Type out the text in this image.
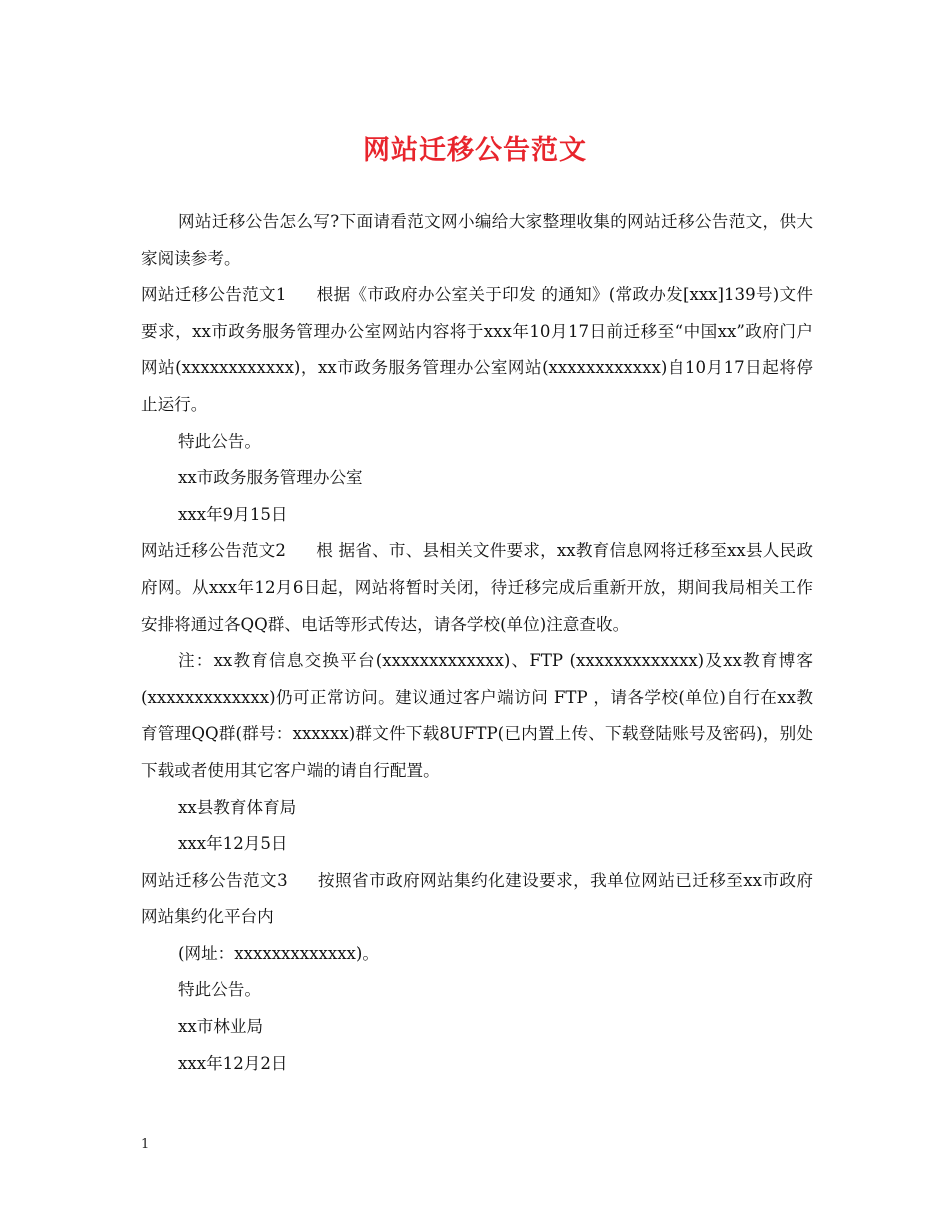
网站迁移公告范文

网站迁移公告怎么写?下面请看范文网小编给大家整理收集的网站迁移公告范文，供大家阅读参考。

网站迁移公告范文1 根据《市政府办公室关于印发 的通知》(常政办发[xxx]139号)文件要求，xx市政务服务管理办公室网站内容将于xxx年10月17日前迁移至“中国xx”政府门户网站(xxxxxxxxxxxx)，xx市政务服务管理办公室网站(xxxxxxxxxxxx)自10月17日起将停止运行。

特此公告。

xx市政务服务管理办公室

xxx年9月15日

网站迁移公告范文2 根 据省、市、县相关文件要求，xx教育信息网将迁移至xx县人民政府网。从xxx年12月6日起，网站将暂时关闭，待迁移完成后重新开放，期间我局相关工作安排将通过各QQ群、电话等形式传达，请各学校(单位)注意查收。

注：xx教育信息交换平台(xxxxxxxxxxxxx)、FTP (xxxxxxxxxxxxx)及xx教育博客(xxxxxxxxxxxxx)仍可正常访问。建议通过客户端访问 FTP ，请各学校(单位)自行在xx教育管理QQ群(群号：xxxxxx)群文件下载8UFTP(已内置上传、下载登陆账号及密码)，别处下载或者使用其它客户端的请自行配置。

xx县教育体育局

xxx年12月5日

网站迁移公告范文3 按照省市政府网站集约化建设要求，我单位网站已迁移至xx市政府网站集约化平台内

(网址：xxxxxxxxxxxxx)。

特此公告。

xx市林业局

xxx年12月2日

1
